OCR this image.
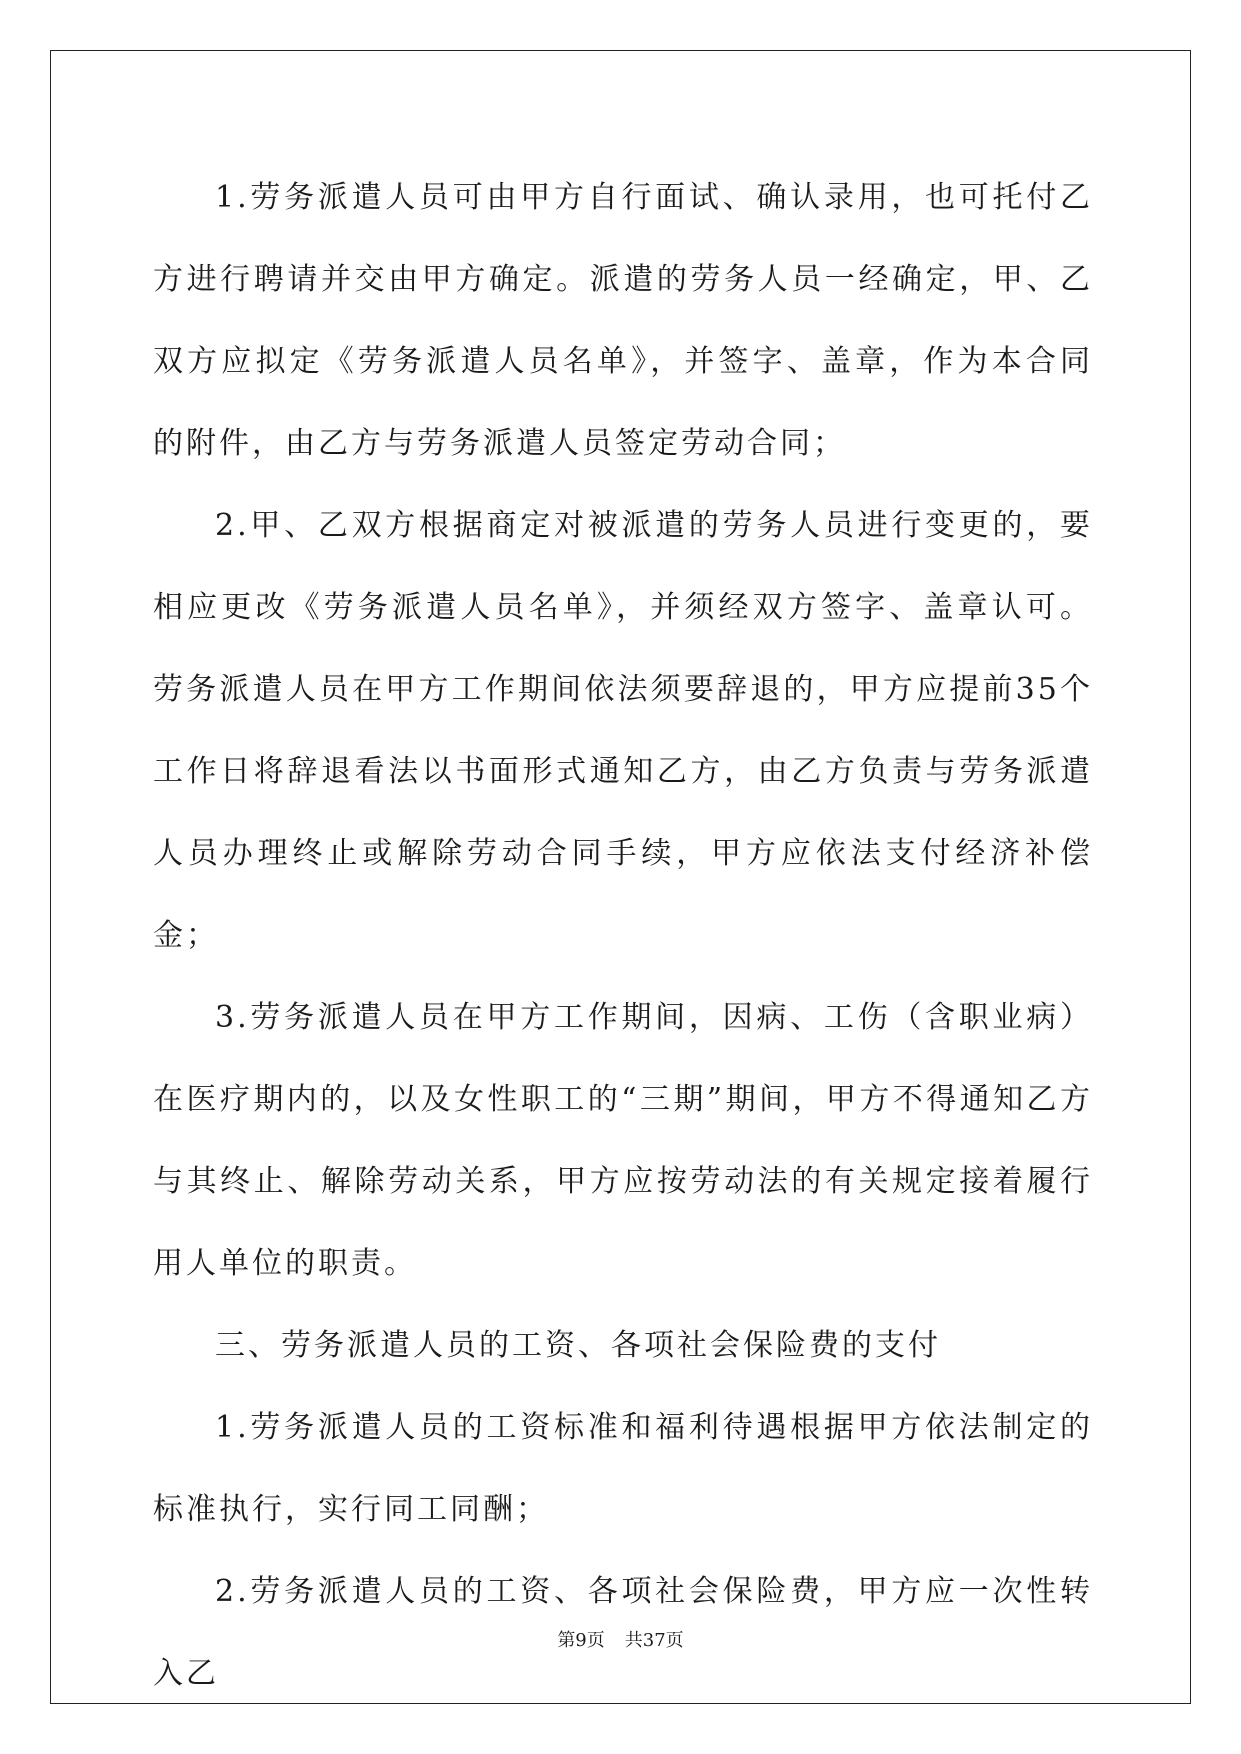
1.劳务派遣人员可由甲方自行面试、确认录用，也可托付乙方进行聘请并交由甲方确定。派遣的劳务人员一经确定，甲、乙双方应拟定《劳务派遣人员名单》，并签字、盖章，作为本合同的附件，由乙方与劳务派遣人员签定劳动合同；

2.甲、乙双方根据商定对被派遣的劳务人员进行变更的，要相应更改《劳务派遣人员名单》，并须经双方签字、盖章认可。劳务派遣人员在甲方工作期间依法须要辞退的，甲方应提前35个工作日将辞退看法以书面形式通知乙方，由乙方负责与劳务派遣人员办理终止或解除劳动合同手续，甲方应依法支付经济补偿金；

3.劳务派遣人员在甲方工作期间，因病、工伤（含职业病）在医疗期内的，以及女性职工的“三期”期间，甲方不得通知乙方与其终止、解除劳动关系，甲方应按劳动法的有关规定接着履行用人单位的职责。

三、劳务派遣人员的工资、各项社会保险费的支付

1.劳务派遣人员的工资标准和福利待遇根据甲方依法制定的标准执行，实行同工同酬；

2.劳务派遣人员的工资、各项社会保险费，甲方应一次性转入乙

第9页 共37页
